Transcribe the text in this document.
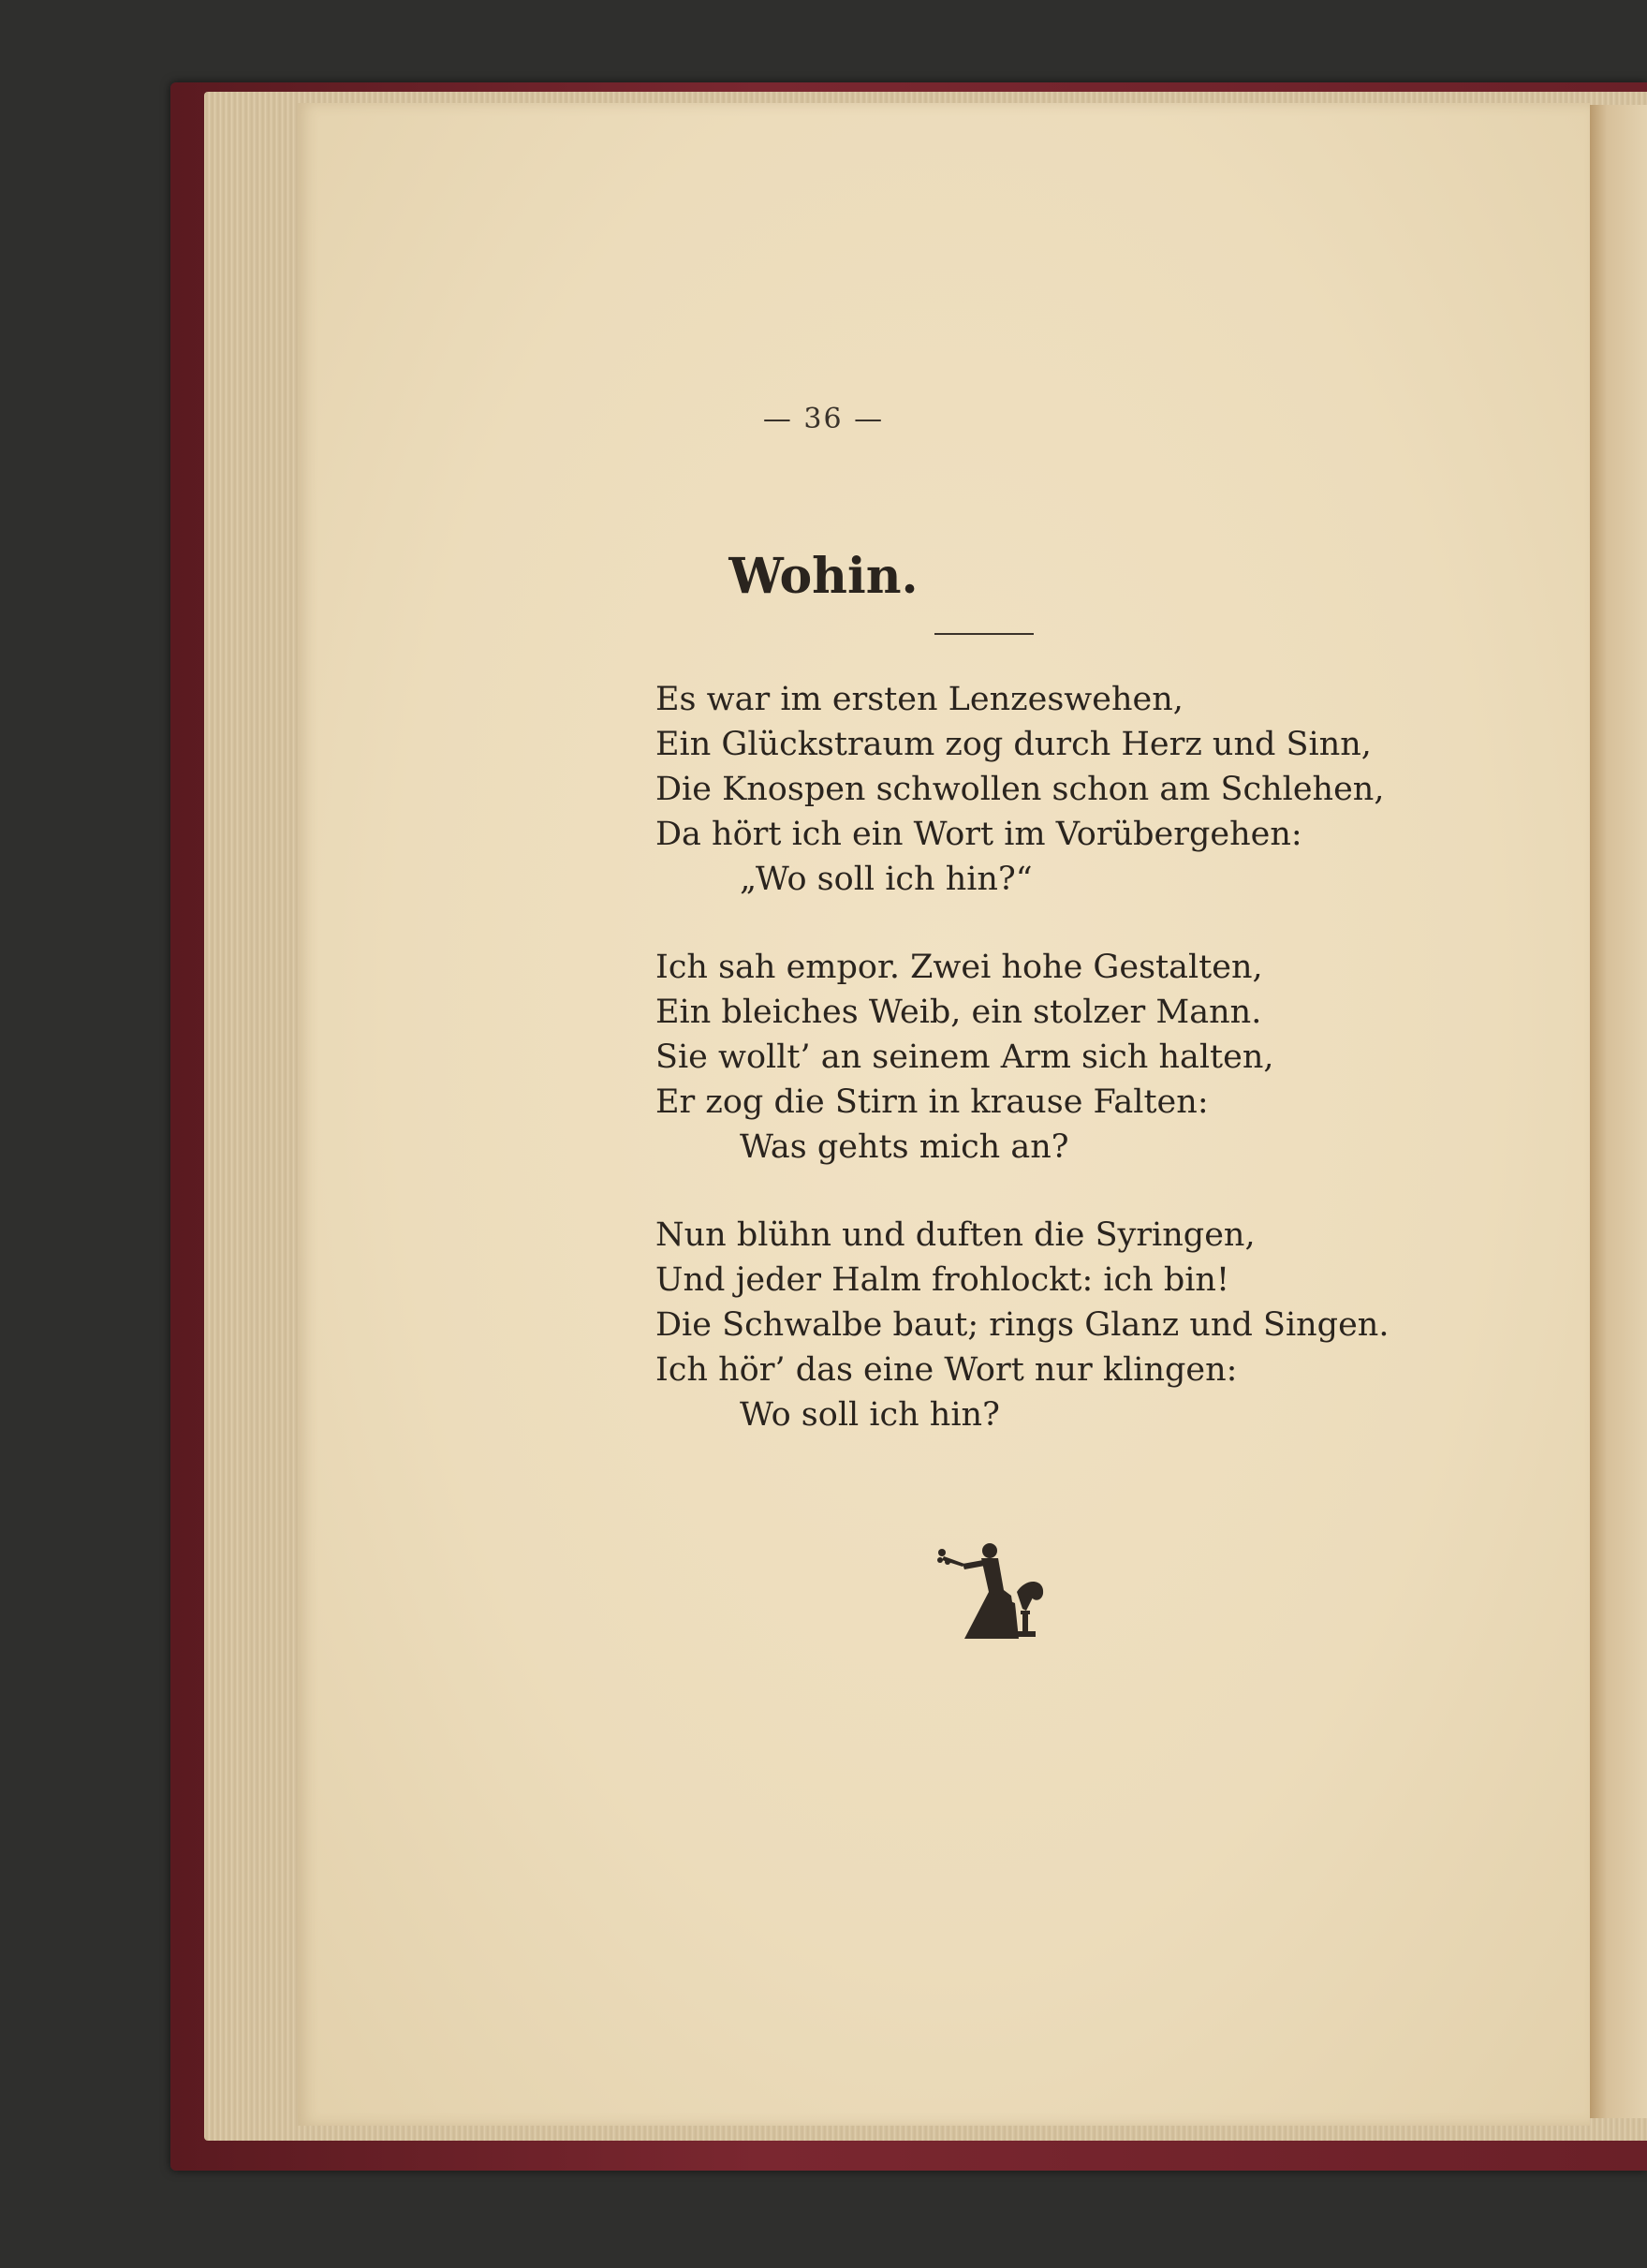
— 36 —
Wohin.
Es war im ersten Lenzeswehen,
Ein Glückstraum zog durch Herz und Sinn,
Die Knospen schwollen schon am Schlehen,
Da hört ich ein Wort im Vorübergehen:
„Wo soll ich hin?“
Ich sah empor. Zwei hohe Gestalten,
Ein bleiches Weib, ein stolzer Mann.
Sie wollt’ an seinem Arm sich halten,
Er zog die Stirn in krause Falten:
Was gehts mich an?
Nun blühn und duften die Syringen,
Und jeder Halm frohlockt: ich bin!
Die Schwalbe baut; rings Glanz und Singen.
Ich hör’ das eine Wort nur klingen:
Wo soll ich hin?
